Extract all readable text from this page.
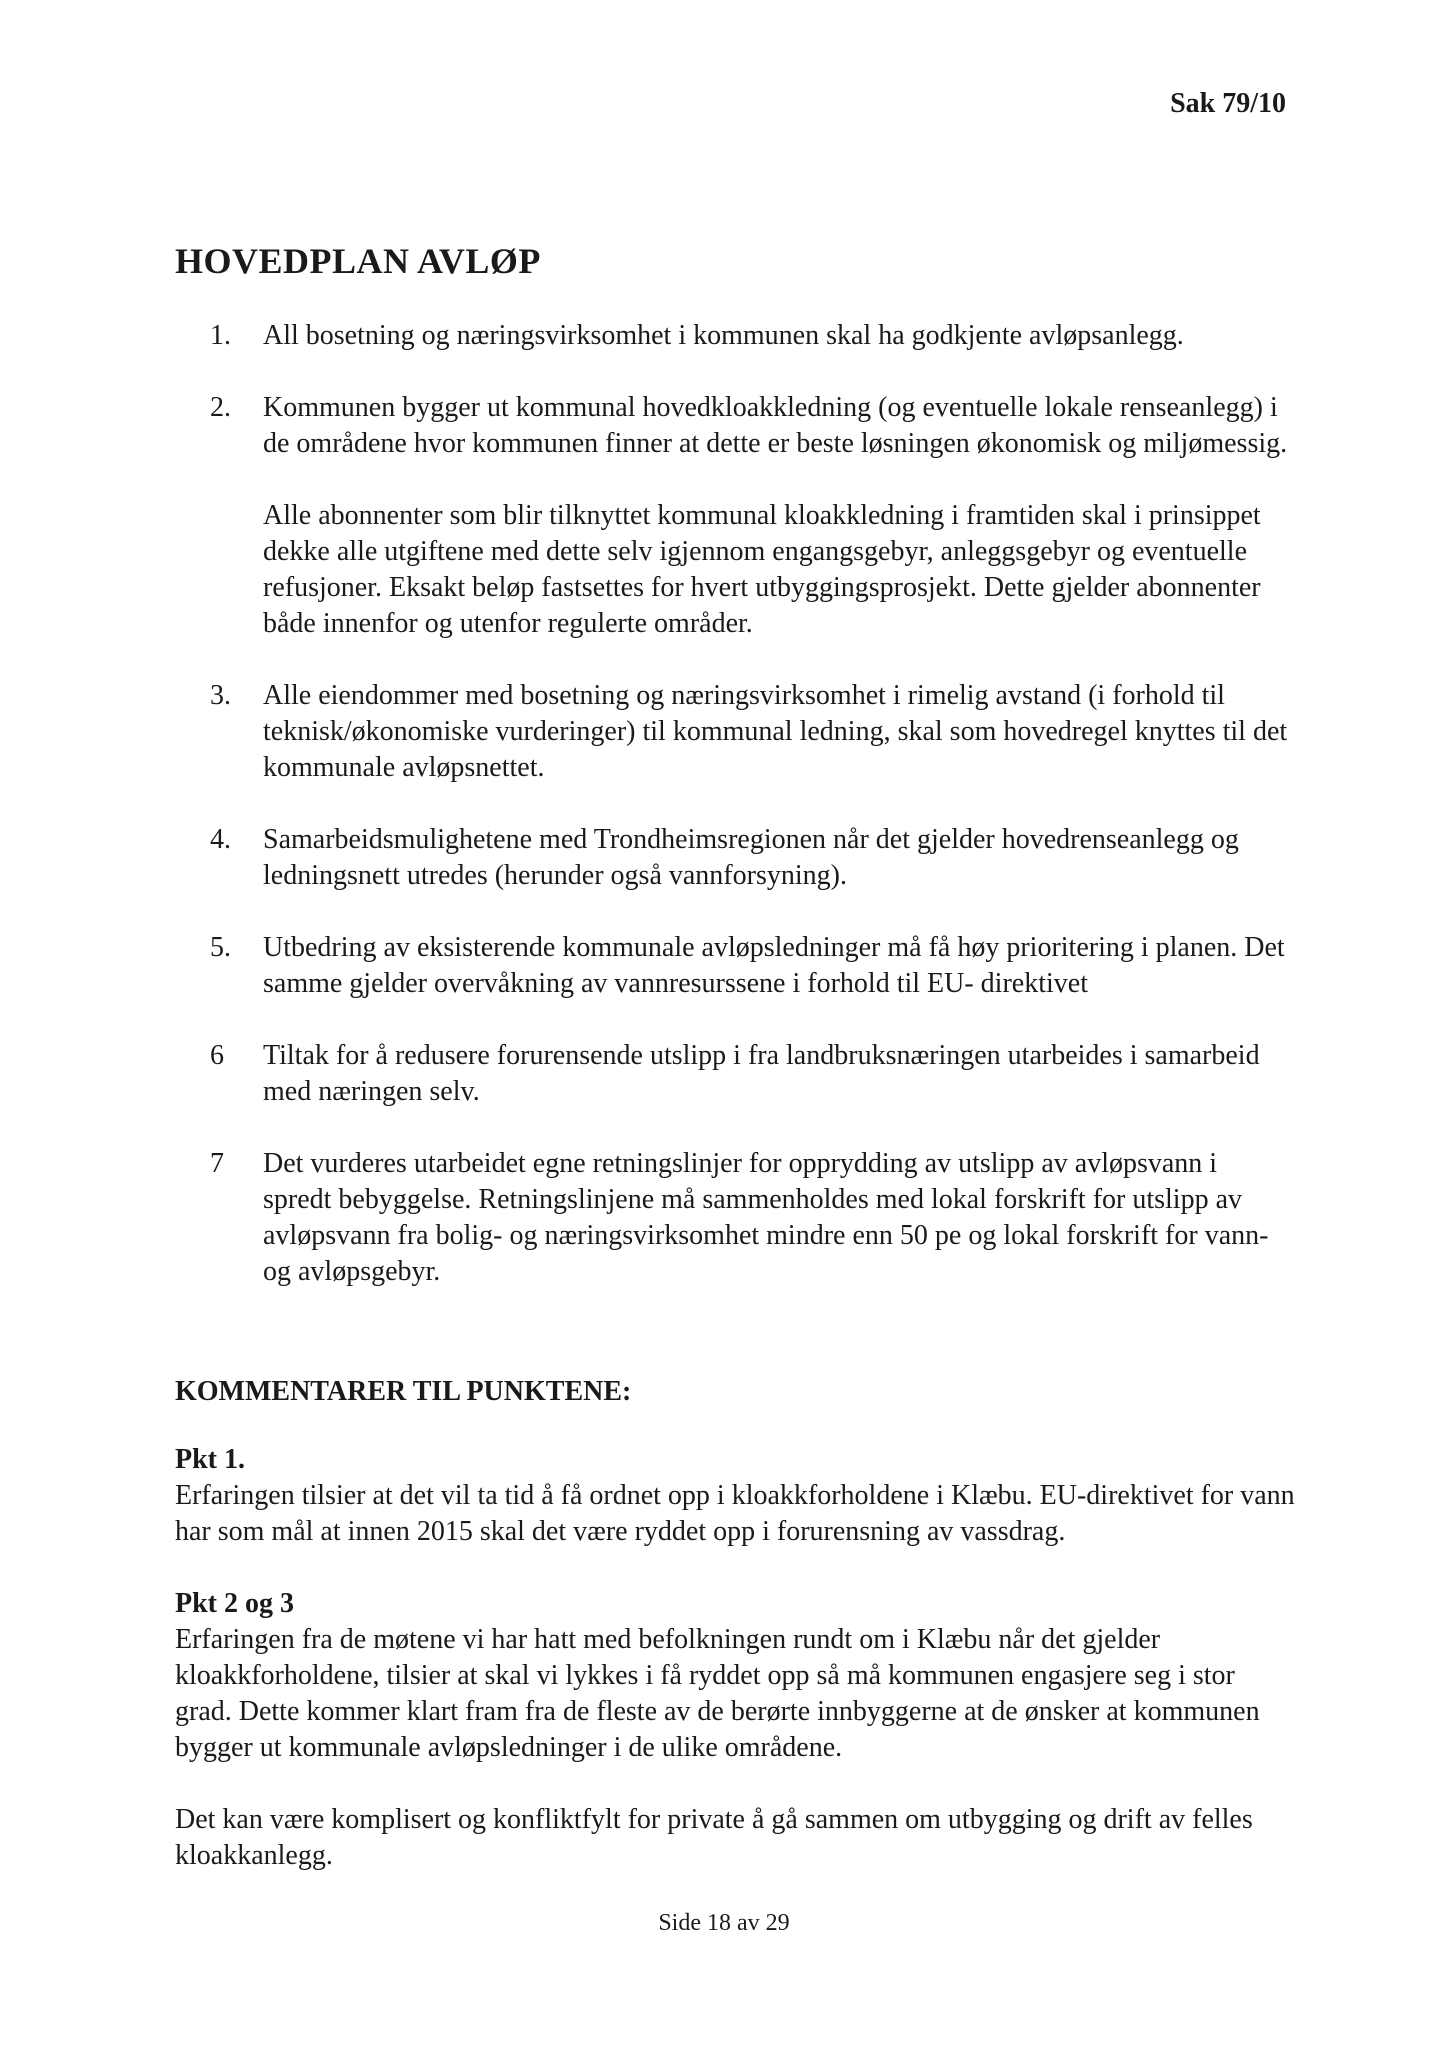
Sak 79/10
HOVEDPLAN AVLØP
1.	All bosetning og næringsvirksomhet i kommunen skal ha godkjente avløpsanlegg.

2.	Kommunen bygger ut kommunal hovedkloakkledning (og eventuelle lokale renseanlegg) i de områdene hvor kommunen finner at dette er beste løsningen økonomisk og miljømessig.

Alle abonnenter som blir tilknyttet kommunal kloakkledning i framtiden skal i prinsippet dekke alle utgiftene med dette selv igjennom engangsgebyr, anleggsgebyr og eventuelle refusjoner. Eksakt beløp fastsettes for hvert utbyggingsprosjekt. Dette gjelder abonnenter både innenfor og utenfor regulerte områder.

3.	Alle eiendommer med bosetning og næringsvirksomhet i rimelig avstand (i forhold til teknisk/økonomiske vurderinger) til kommunal ledning, skal som hovedregel knyttes til det kommunale avløpsnettet.

4.	Samarbeidsmulighetene med Trondheimsregionen når det gjelder hovedrenseanlegg og ledningsnett utredes (herunder også vannforsyning).

5.	Utbedring av eksisterende kommunale avløpsledninger må få høy prioritering i planen. Det samme gjelder overvåkning av vannresurssene i forhold til EU- direktivet

6	Tiltak for å redusere forurensende utslipp i fra landbruksnæringen utarbeides i samarbeid med næringen selv.

7	Det vurderes utarbeidet egne retningslinjer for opprydding av utslipp av avløpsvann i spredt bebyggelse. Retningslinjene må sammenholdes med lokal forskrift for utslipp av avløpsvann fra bolig- og næringsvirksomhet mindre enn 50 pe og lokal forskrift for vann- og avløpsgebyr.

KOMMENTARER TIL PUNKTENE:
Pkt 1.

Erfaringen tilsier at det vil ta tid å få ordnet opp i kloakkforholdene i Klæbu. EU-direktivet for vann har som mål at innen 2015 skal det være ryddet opp i forurensning av vassdrag.

Pkt 2 og 3

Erfaringen fra de møtene vi har hatt med befolkningen rundt om i Klæbu når det gjelder kloakkforholdene, tilsier at skal vi lykkes i få ryddet opp så må kommunen engasjere seg i stor grad. Dette kommer klart fram fra de fleste av de berørte innbyggerne at de ønsker at kommunen bygger ut kommunale avløpsledninger i de ulike områdene.

Det kan være komplisert og konfliktfylt for private å gå sammen om utbygging og drift av felles kloakkanlegg.

Side 18 av 29
